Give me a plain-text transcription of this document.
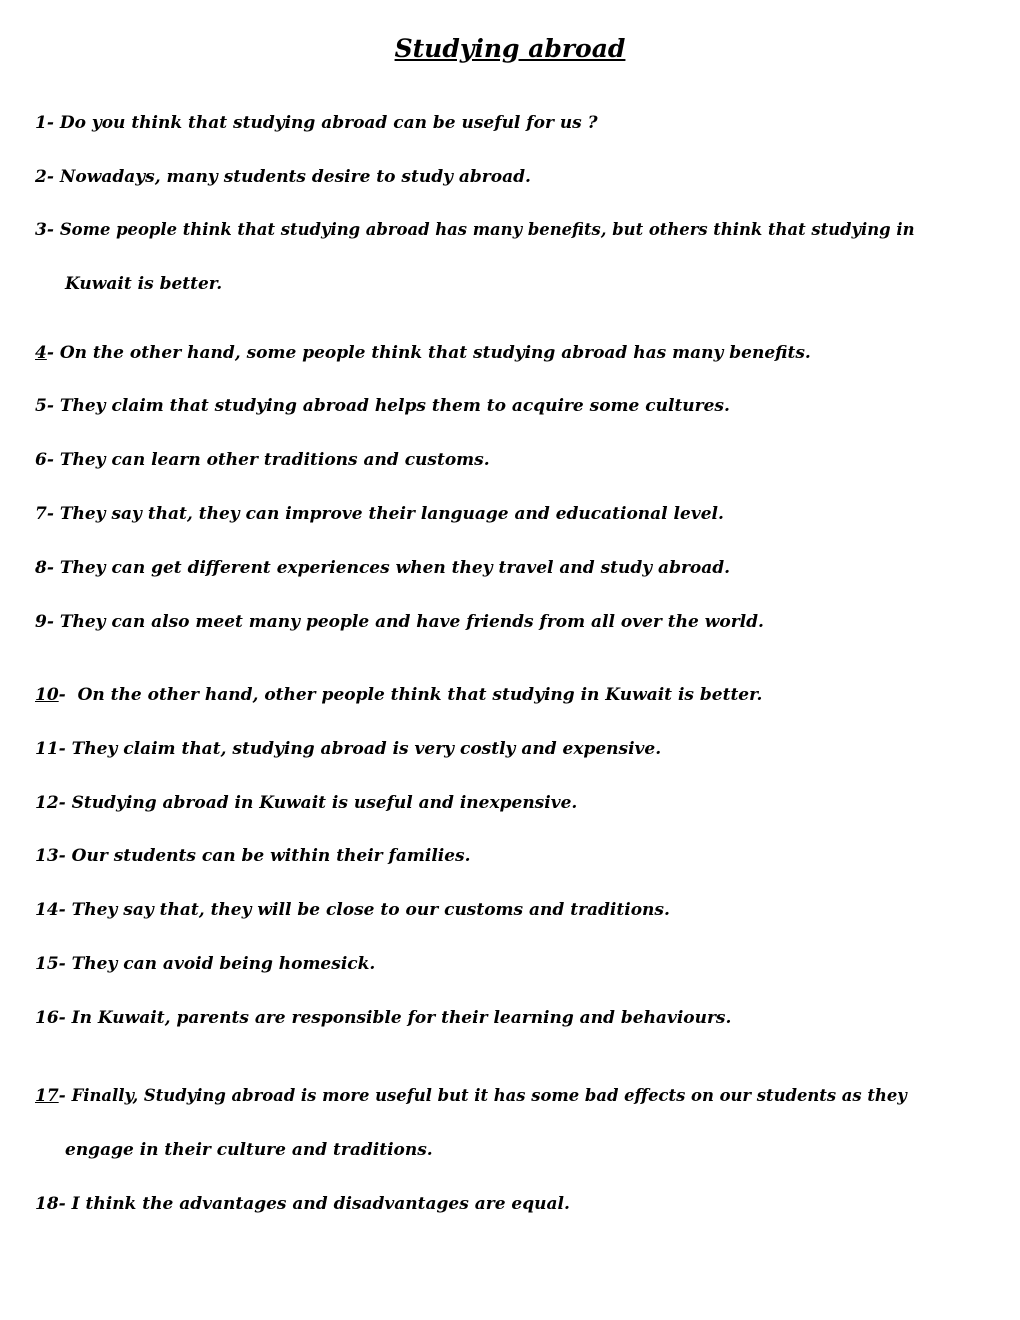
Studying abroad
1- Do you think that studying abroad can be useful for us ?
2- Nowadays, many students desire to study abroad.
3- Some people think that studying abroad has many benefits, but others think that studying in
Kuwait is better.
4- On the other hand, some people think that studying abroad has many benefits.
5- They claim that studying abroad helps them to acquire some cultures.
6- They can learn other traditions and customs.
7- They say that, they can improve their language and educational level.
8- They can get different experiences when they travel and study abroad.
9- They can also meet many people and have friends from all over the world.
10-  On the other hand, other people think that studying in Kuwait is better.
11- They claim that, studying abroad is very costly and expensive.
12- Studying abroad in Kuwait is useful and inexpensive.
13- Our students can be within their families.
14- They say that, they will be close to our customs and traditions.
15- They can avoid being homesick.
16- In Kuwait, parents are responsible for their learning and behaviours.
17- Finally, Studying abroad is more useful but it has some bad effects on our students as they
engage in their culture and traditions.
18- I think the advantages and disadvantages are equal.
